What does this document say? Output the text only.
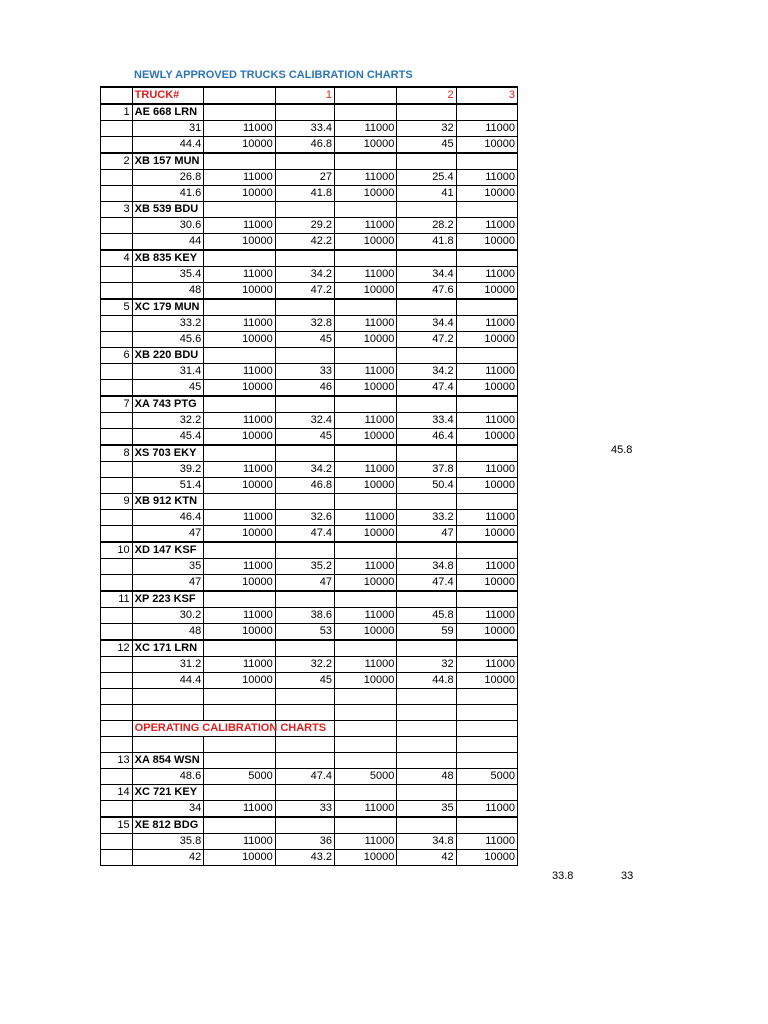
NEWLY APPROVED TRUCKS CALIBRATION CHARTS
	TRUCK#		1		2	3
1	AE 668 LRN					
	31	11000	33.4	11000	32	11000
	44.4	10000	46.8	10000	45	10000
2	XB 157 MUN					
	26.8	11000	27	11000	25.4	11000
	41.6	10000	41.8	10000	41	10000
3	XB 539 BDU					
	30.6	11000	29.2	11000	28.2	11000
	44	10000	42.2	10000	41.8	10000
4	XB 835 KEY					
	35.4	11000	34.2	11000	34.4	11000
	48	10000	47.2	10000	47.6	10000
5	XC 179 MUN					
	33.2	11000	32.8	11000	34.4	11000
	45.6	10000	45	10000	47.2	10000
6	XB 220 BDU					
	31.4	11000	33	11000	34.2	11000
	45	10000	46	10000	47.4	10000
7	XA 743 PTG					
	32.2	11000	32.4	11000	33.4	11000
	45.4	10000	45	10000	46.4	10000
8	XS 703 EKY					
	39.2	11000	34.2	11000	37.8	11000
	51.4	10000	46.8	10000	50.4	10000
9	XB 912 KTN					
	46.4	11000	32.6	11000	33.2	11000
	47	10000	47.4	10000	47	10000
10	XD 147 KSF					
	35	11000	35.2	11000	34.8	11000
	47	10000	47	10000	47.4	10000
11	XP 223 KSF					
	30.2	11000	38.6	11000	45.8	11000
	48	10000	53	10000	59	10000
12	XC 171 LRN					
	31.2	11000	32.2	11000	32	11000
	44.4	10000	45	10000	44.8	10000

	OPERATING CALIBRATION CHARTS					

13	XA 854 WSN					
	48.6	5000	47.4	5000	48	5000
14	XC 721 KEY					
	34	11000	33	11000	35	11000
15	XE 812 BDG					
	35.8	11000	36	11000	34.8	11000
	42	10000	43.2	10000	42	10000
45.8
33.8	33
